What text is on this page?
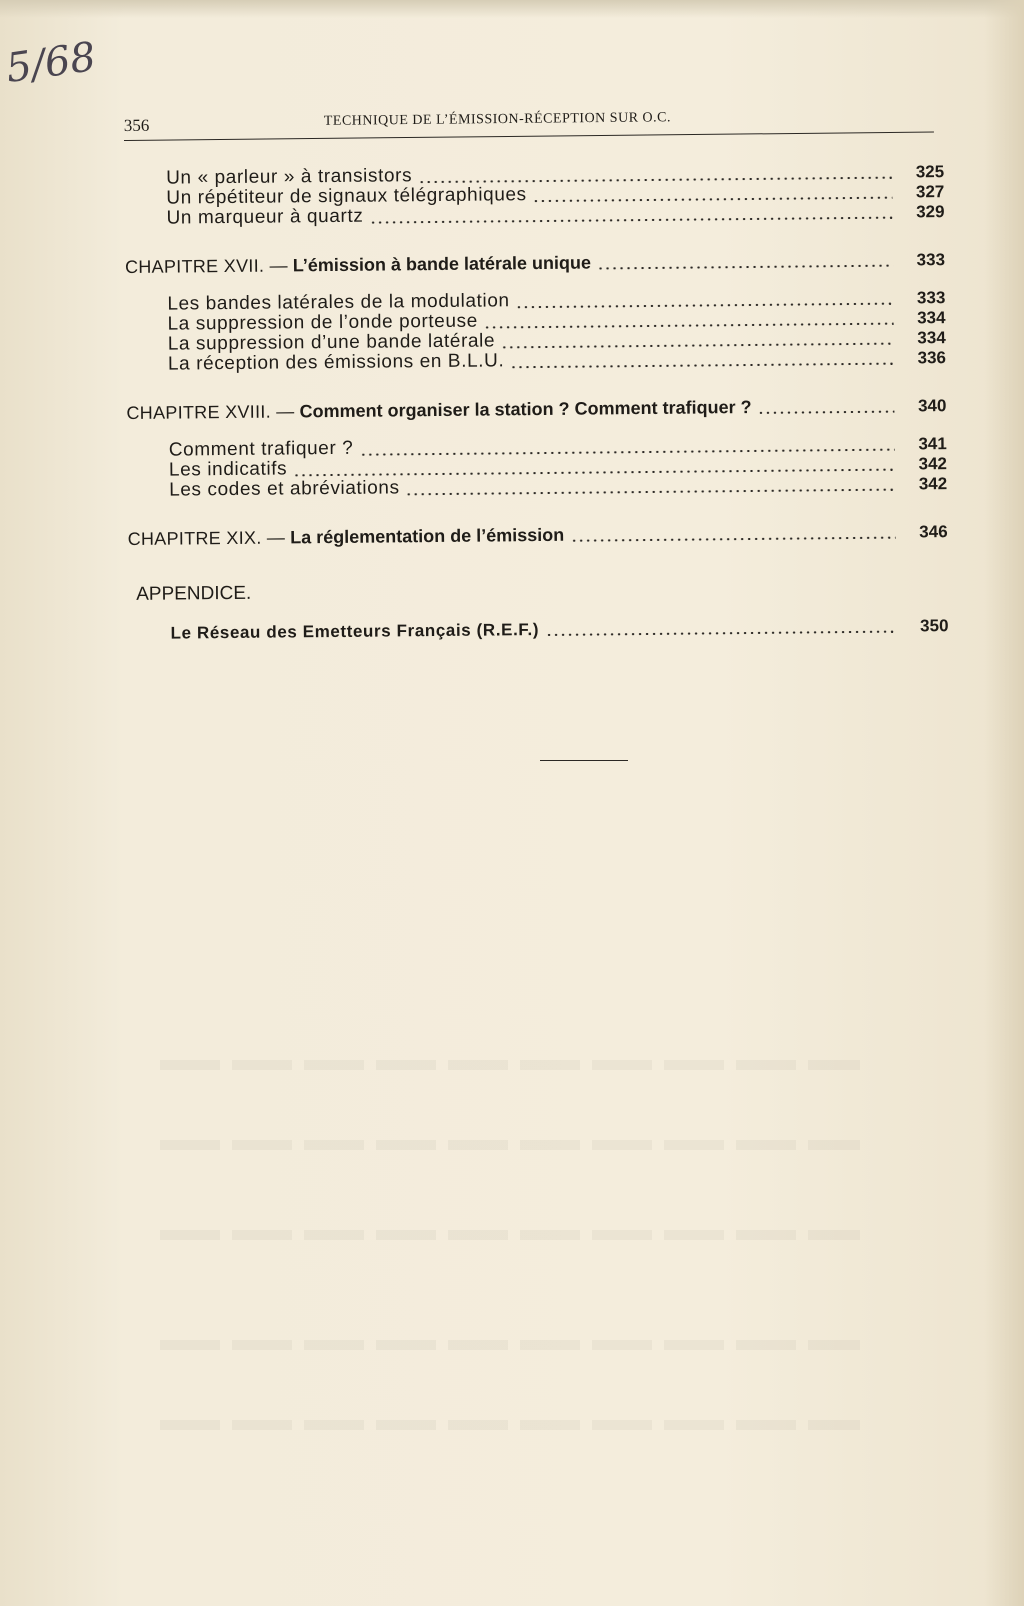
5/68
356	TECHNIQUE DE L’ÉMISSION-RÉCEPTION SUR O.C.
Un « parleur » à transistors	325
Un répétiteur de signaux télégraphiques	327
Un marqueur à quartz	329
CHAPITRE XVII. — L’émission à bande latérale unique	333
Les bandes latérales de la modulation	333
La suppression de l’onde porteuse	334
La suppression d’une bande latérale	334
La réception des émissions en B.L.U.	336
CHAPITRE XVIII. — Comment organiser la station ? Comment trafiquer ?	340
Comment trafiquer ?	341
Les indicatifs	342
Les codes et abréviations	342
CHAPITRE XIX. — La réglementation de l’émission	346
APPENDICE.
Le Réseau des Emetteurs Français (R.E.F.)	350
